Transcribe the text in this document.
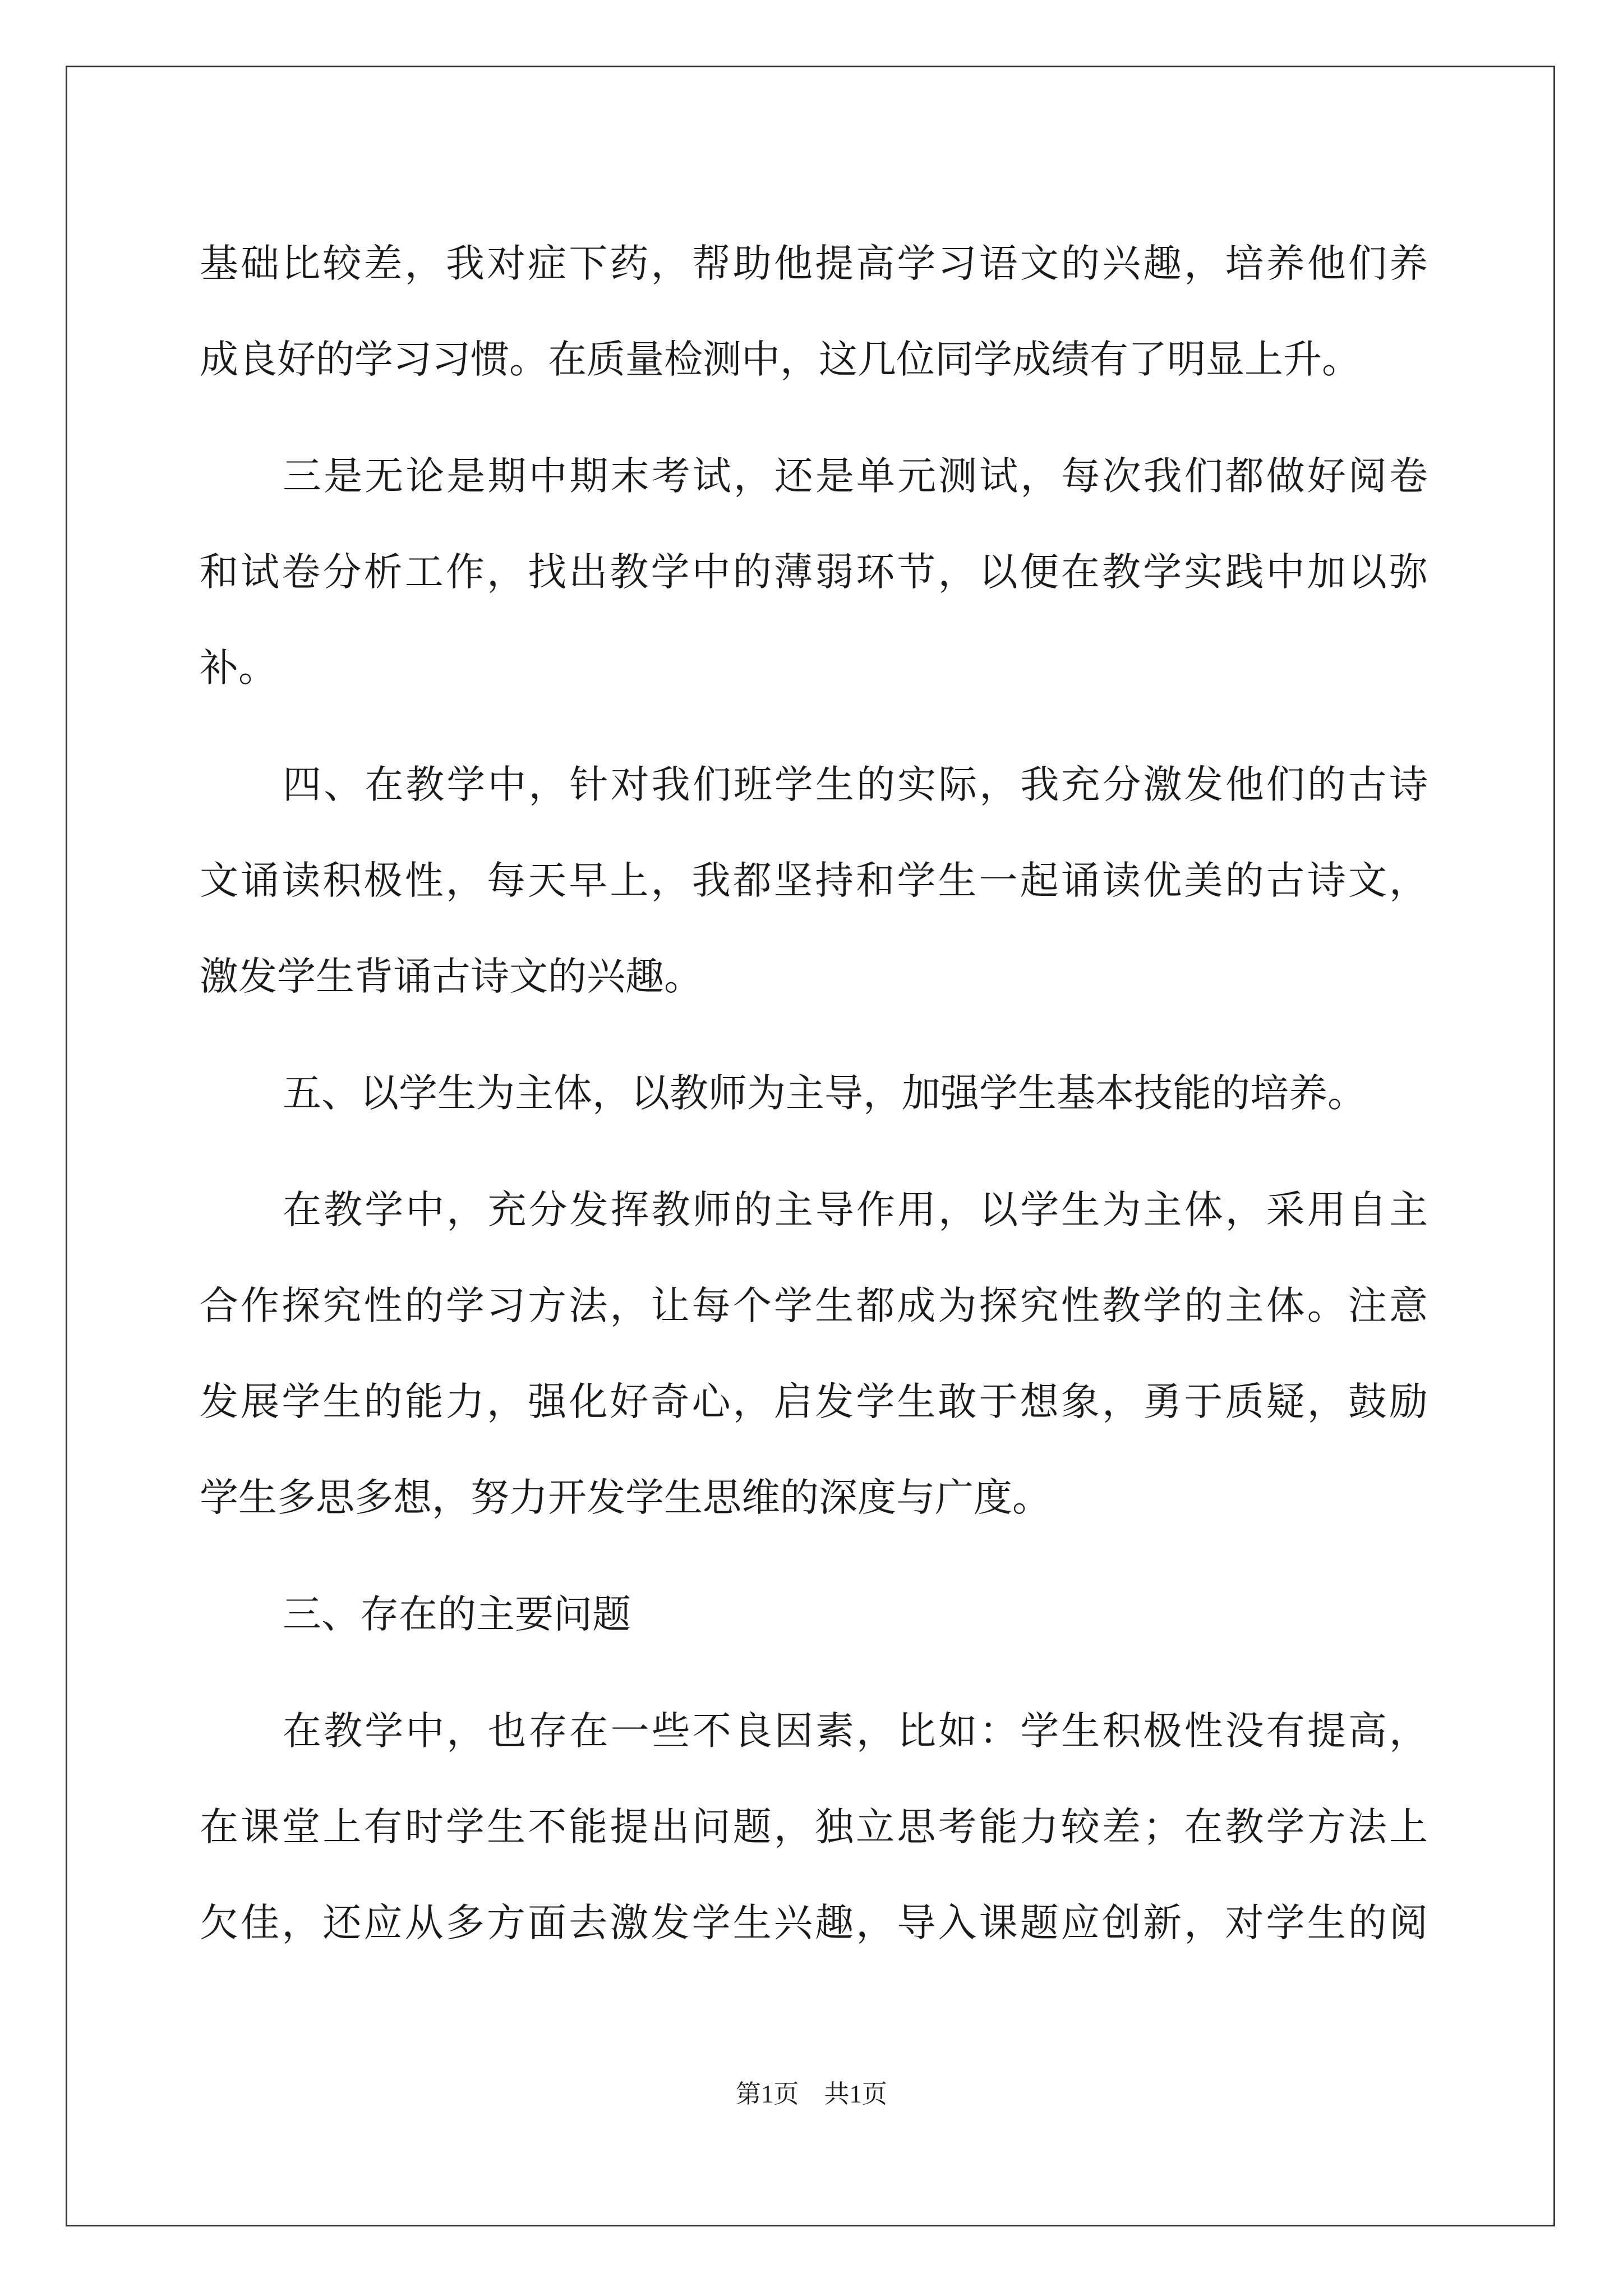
基础比较差，我对症下药，帮助他提高学习语文的兴趣，培养他们养
成良好的学习习惯。在质量检测中，这几位同学成绩有了明显上升。
三是无论是期中期末考试，还是单元测试，每次我们都做好阅卷
和试卷分析工作，找出教学中的薄弱环节，以便在教学实践中加以弥
补。
四、在教学中，针对我们班学生的实际，我充分激发他们的古诗
文诵读积极性，每天早上，我都坚持和学生一起诵读优美的古诗文，
激发学生背诵古诗文的兴趣。
五、以学生为主体，以教师为主导，加强学生基本技能的培养。
在教学中，充分发挥教师的主导作用，以学生为主体，采用自主
合作探究性的学习方法，让每个学生都成为探究性教学的主体。注意
发展学生的能力，强化好奇心，启发学生敢于想象，勇于质疑，鼓励
学生多思多想，努力开发学生思维的深度与广度。
三、存在的主要问题
在教学中，也存在一些不良因素，比如：学生积极性没有提高，
在课堂上有时学生不能提出问题，独立思考能力较差；在教学方法上
欠佳，还应从多方面去激发学生兴趣，导入课题应创新，对学生的阅
第1页　共1页
